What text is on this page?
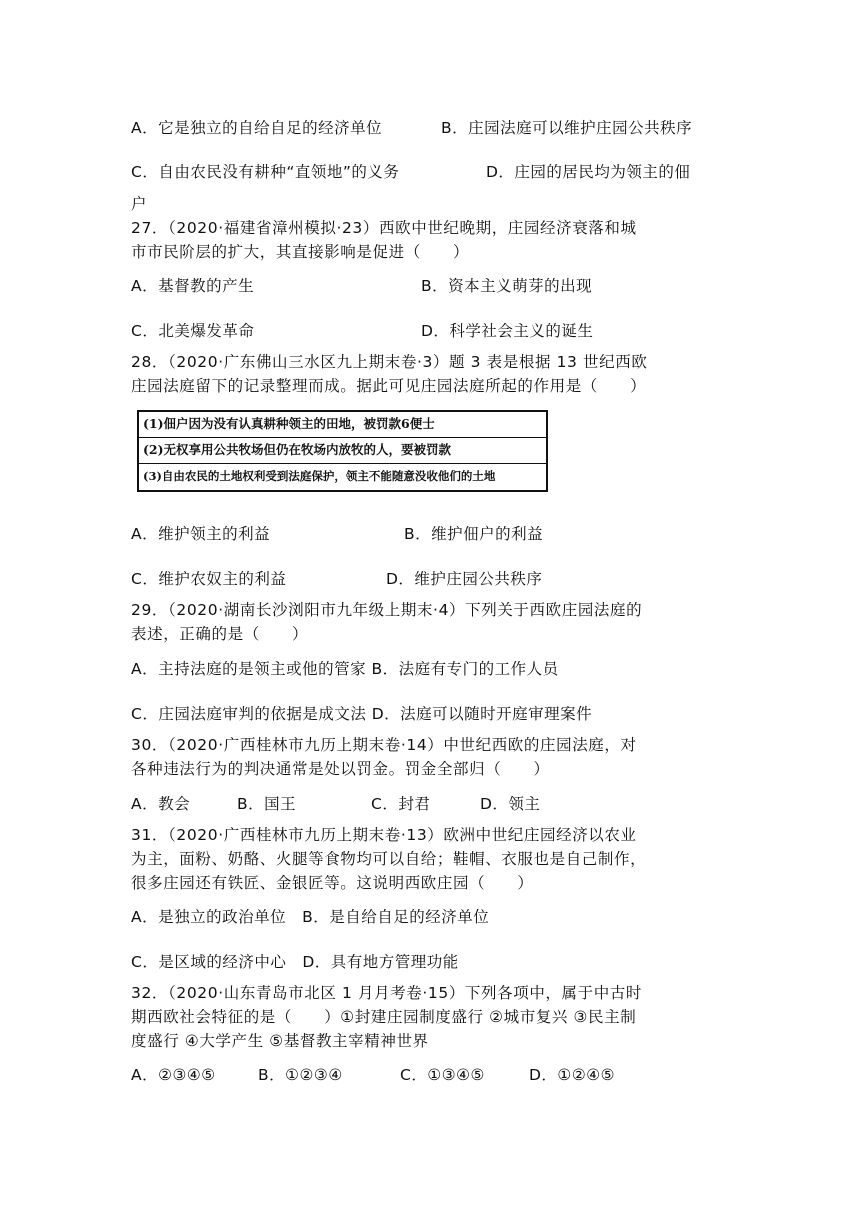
A．它是独立的自给自足的经济单位	B．庄园法庭可以维护庄园公共秩序
C．自由农民没有耕种“直领地”的义务	D．庄园的居民均为领主的佃
户
27．（2020·福建省漳州模拟·23）西欧中世纪晚期，庄园经济衰落和城
市市民阶层的扩大，其直接影响是促进（　　）
A．基督教的产生	B．资本主义萌芽的出现
C．北美爆发革命	D．科学社会主义的诞生
28．（2020·广东佛山三水区九上期末卷·3）题 3 表是根据 13 世纪西欧
庄园法庭留下的记录整理而成。据此可见庄园法庭所起的作用是（　　）
(1)佃户因为没有认真耕种领主的田地，被罚款6便士
(2)无权享用公共牧场但仍在牧场内放牧的人，要被罚款
(3)自由农民的土地权利受到法庭保护，领主不能随意没收他们的土地
A．维护领主的利益	B．维护佃户的利益
C．维护农奴主的利益	D．维护庄园公共秩序
29．（2020·湖南长沙浏阳市九年级上期末·4）下列关于西欧庄园法庭的
表述，正确的是（　　）
A．主持法庭的是领主或他的管家 B．法庭有专门的工作人员
C．庄园法庭审判的依据是成文法 D．法庭可以随时开庭审理案件
30．（2020·广西桂林市九历上期末卷·14）中世纪西欧的庄园法庭，对
各种违法行为的判决通常是处以罚金。罚金全部归（　　）
A．教会	B．国王	C．封君	D．领主
31．（2020·广西桂林市九历上期末卷·13）欧洲中世纪庄园经济以农业
为主，面粉、奶酪、火腿等食物均可以自给；鞋帽、衣服也是自己制作，
很多庄园还有铁匠、金银匠等。这说明西欧庄园（　　）
A．是独立的政治单位　B．是自给自足的经济单位
C．是区域的经济中心　D．具有地方管理功能
32．（2020·山东青岛市北区 1 月月考卷·15）下列各项中，属于中古时
期西欧社会特征的是（　　）①封建庄园制度盛行 ②城市复兴 ③民主制
度盛行 ④大学产生 ⑤基督教主宰精神世界
A．②③④⑤	B．①②③④	C．①③④⑤	D．①②④⑤
